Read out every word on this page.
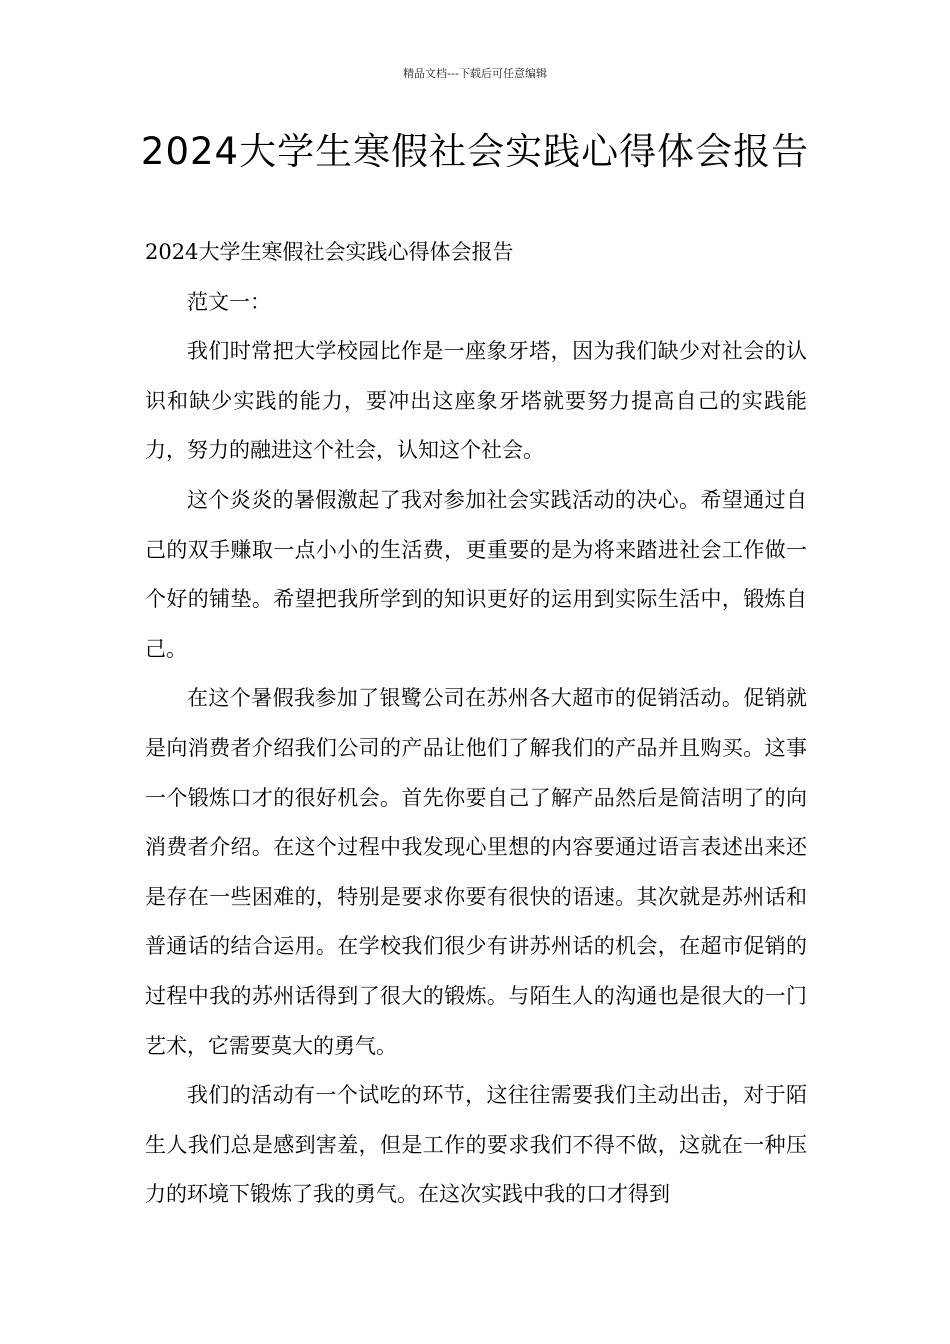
精品文档---下载后可任意编辑
2024大学生寒假社会实践心得体会报告

2024大学生寒假社会实践心得体会报告

范文一：

我们时常把大学校园比作是一座象牙塔，因为我们缺少对社会的认识和缺少实践的能力，要冲出这座象牙塔就要努力提高自己的实践能力，努力的融进这个社会，认知这个社会。

这个炎炎的暑假激起了我对参加社会实践活动的决心。希望通过自己的双手赚取一点小小的生活费，更重要的是为将来踏进社会工作做一个好的铺垫。希望把我所学到的知识更好的运用到实际生活中，锻炼自己。

在这个暑假我参加了银鹭公司在苏州各大超市的促销活动。促销就是向消费者介绍我们公司的产品让他们了解我们的产品并且购买。这事一个锻炼口才的很好机会。首先你要自己了解产品然后是简洁明了的向消费者介绍。在这个过程中我发现心里想的内容要通过语言表述出来还是存在一些困难的，特别是要求你要有很快的语速。其次就是苏州话和普通话的结合运用。在学校我们很少有讲苏州话的机会，在超市促销的过程中我的苏州话得到了很大的锻炼。与陌生人的沟通也是很大的一门艺术，它需要莫大的勇气。

我们的活动有一个试吃的环节，这往往需要我们主动出击，对于陌生人我们总是感到害羞，但是工作的要求我们不得不做，这就在一种压力的环境下锻炼了我的勇气。在这次实践中我的口才得到
